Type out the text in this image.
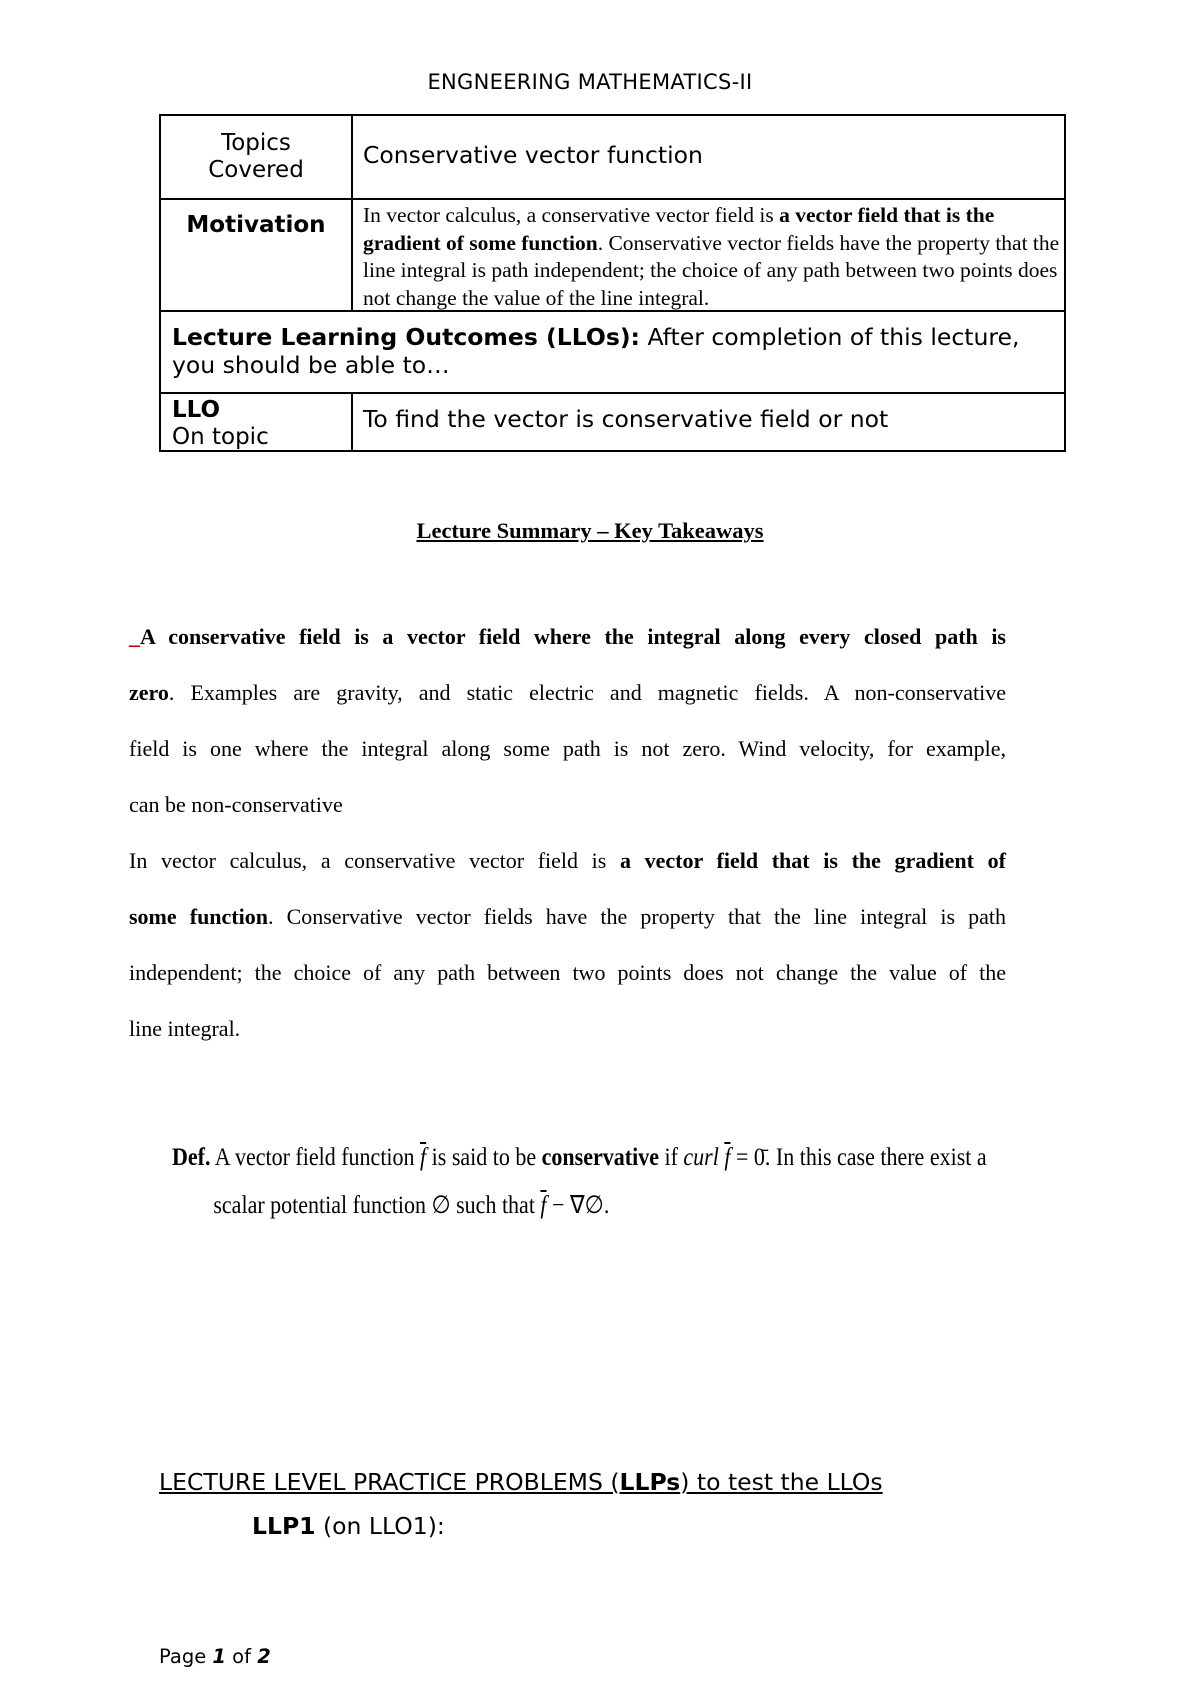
ENGNEERING MATHEMATICS-II
Topics
Covered	Conservative vector function

Motivation	In vector calculus, a conservative vector field is a vector field that is the gradient of some function. Conservative vector fields have the property that the line integral is path independent; the choice of any path between two points does not change the value of the line integral.

Lecture Learning Outcomes (LLOs): After completion of this lecture, you should be able to…	

LLO
On topic	To find the vector is conservative field or not
Lecture Summary – Key Takeaways
_A conservative field is a vector field where the integral along every closed path is
zero. Examples are gravity, and static electric and magnetic fields. A non-conservative
field is one where the integral along some path is not zero. Wind velocity, for example,
can be non-conservative
In vector calculus, a conservative vector field is a vector field that is the gradient of
some function. Conservative vector fields have the property that the line integral is path
independent; the choice of any path between two points does not change the value of the
line integral.
Def. A vector field function $\overline{f}$ is said to be conservative if curl $\overline{f}$ = 0̄. In this case there exist a
scalar potential function ∅ such that $\overline{f}$ − ∇∅.
LECTURE LEVEL PRACTICE PROBLEMS (LLPs) to test the LLOs
LLP1 (on LLO1):
Page 1 of 2
